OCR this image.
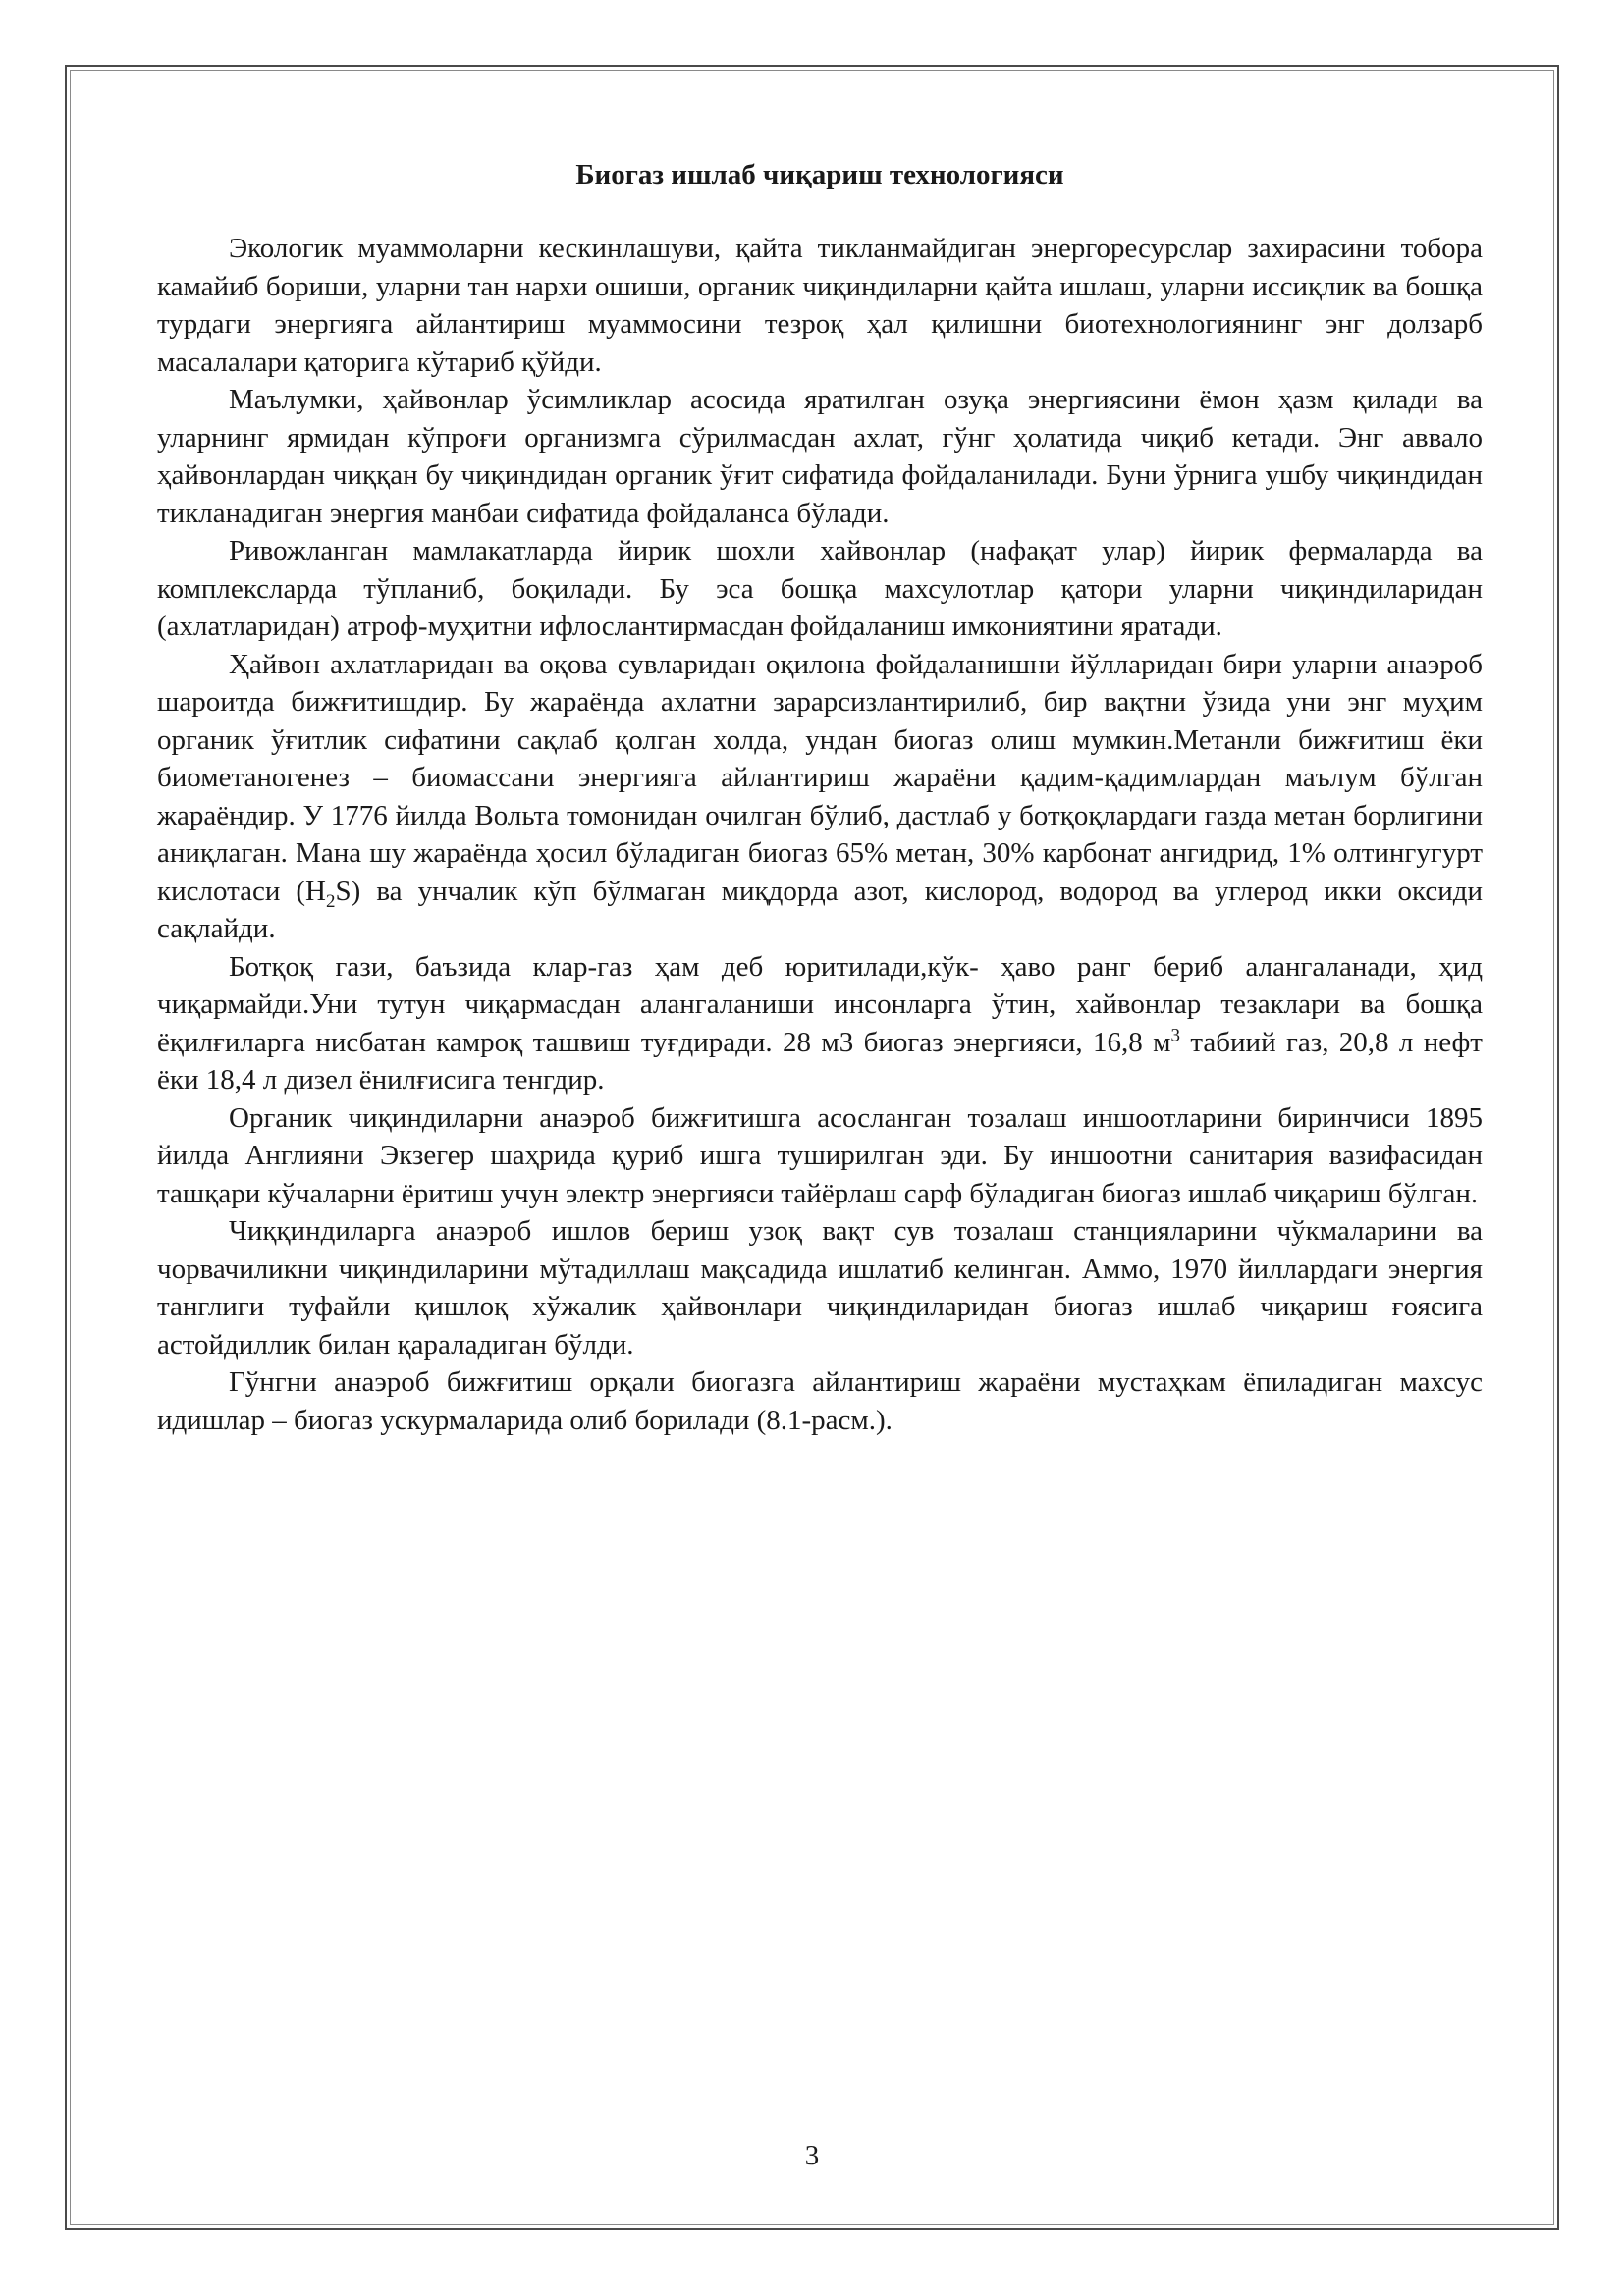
Биогаз ишлаб чиқариш технологияси

Экологик муаммоларни кескинлашуви, қайта тикланмайдиган энергоресурслар захирасини тобора камайиб бориши, уларни тан нархи ошиши, органик чиқиндиларни қайта ишлаш, уларни иссиқлик ва бошқа турдаги энергияга айлантириш муаммосини тезроқ ҳал қилишни биотехнологиянинг энг долзарб масалалари қаторига кўтариб қўйди.

Маълумки, ҳайвонлар ўсимликлар асосида яратилган озуқа энергиясини ёмон ҳазм қилади ва уларнинг ярмидан кўпроғи организмга сўрилмасдан ахлат, гўнг ҳолатида чиқиб кетади. Энг аввало ҳайвонлардан чиққан бу чиқиндидан органик ўғит сифатида фойдаланилади. Буни ўрнига ушбу чиқиндидан тикланадиган энергия манбаи сифатида фойдаланса бўлади.

Ривожланган мамлакатларда йирик шохли хайвонлар (нафақат улар) йирик фермаларда ва комплексларда тўпланиб, боқилади. Бу эса бошқа махсулотлар қатори уларни чиқиндиларидан (ахлатларидан) атроф-муҳитни ифлослантирмасдан фойдаланиш имкониятини яратади.

Ҳайвон ахлатларидан ва оқова сувларидан оқилона фойдаланишни йўлларидан бири уларни анаэроб шароитда бижғитишдир. Бу жараёнда ахлатни зарарсизлантирилиб, бир вақтни ўзида уни энг муҳим органик ўғитлик сифатини сақлаб қолган холда, ундан биогаз олиш мумкин.Метанли бижғитиш ёки биометаногенез – биомассани энергияга айлантириш жараёни қадим-қадимлардан маълум бўлган жараёндир. У 1776 йилда Вольта томонидан очилган бўлиб, дастлаб у ботқоқлардаги газда метан борлигини аниқлаган. Мана шу жараёнда ҳосил бўладиган биогаз 65% метан, 30% карбонат ангидрид, 1% олтингугурт кислотаси $(H_2S)$ ва унчалик кўп бўлмаган миқдорда азот, кислород, водород ва углерод икки оксиди сақлайди.

Ботқоқ гази, баъзида клар-газ ҳам деб юритилади,кўк- ҳаво ранг бериб алангаланади, ҳид чиқармайди.Уни тутун чиқармасдан алангаланиши инсонларга ўтин, хайвонлар тезаклари ва бошқа ёқилғиларга нисбатан камроқ ташвиш туғдиради. 28 м3 биогаз энергияси, 16,8 $м^3$ табиий газ, 20,8 л нефт ёки 18,4 л дизел ёнилғисига тенгдир.

Органик чиқиндиларни анаэроб бижғитишга асосланган тозалаш иншоотларини биринчиси 1895 йилда Англияни Экзегер шаҳрида қуриб ишга туширилган эди. Бу иншоотни санитария вазифасидан ташқари кўчаларни ёритиш учун электр энергияси тайёрлаш сарф бўладиган биогаз ишлаб чиқариш бўлган.

Чиққиндиларга анаэроб ишлов бериш узоқ вақт сув тозалаш станцияларини чўкмаларини ва чорвачиликни чиқиндиларини мўтадиллаш мақсадида ишлатиб келинган. Аммо, 1970 йиллардаги энергия танглиги туфайли қишлоқ хўжалик ҳайвонлари чиқиндиларидан биогаз ишлаб чиқариш ғоясига астойдиллик билан қараладиган бўлди.

Гўнгни анаэроб бижғитиш орқали биогазга айлантириш жараёни мустаҳкам ёпиладиган махсус идишлар – биогаз ускурмаларида олиб борилади (8.1-расм.).

3
